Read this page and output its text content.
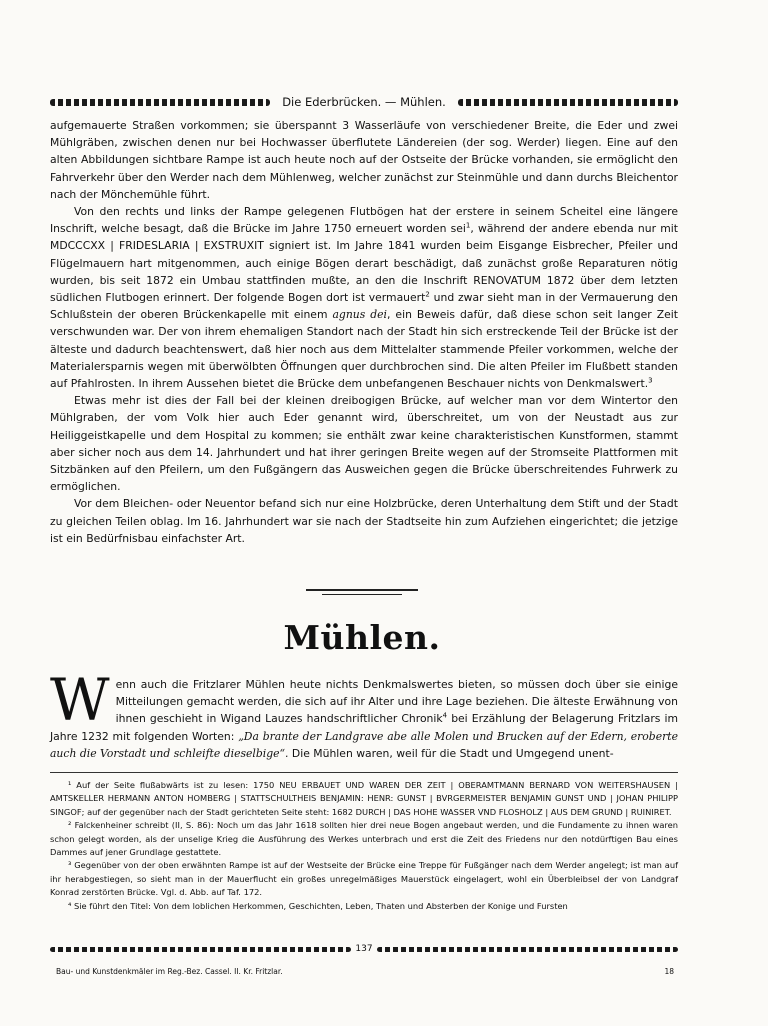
Die Ederbrücken. — Mühlen.

aufgemauerte Straßen vorkommen; sie überspannt 3 Wasserläufe von verschiedener Breite, die Eder und zwei Mühlgräben, zwischen denen nur bei Hochwasser überflutete Ländereien (der sog. Werder) liegen. Eine auf den alten Abbildungen sichtbare Rampe ist auch heute noch auf der Ostseite der Brücke vorhanden, sie ermöglicht den Fahrverkehr über den Werder nach dem Mühlenweg, welcher zunächst zur Steinmühle und dann durchs Bleichentor nach der Mönchemühle führt.

Von den rechts und links der Rampe gelegenen Flutbögen hat der erstere in seinem Scheitel eine längere Inschrift, welche besagt, daß die Brücke im Jahre 1750 erneuert worden sei$^1$, während der andere ebenda nur mit MDCCCXX | FRIDESLARIA | EXSTRUXIT signiert ist. Im Jahre 1841 wurden beim Eisgange Eisbrecher, Pfeiler und Flügelmauern hart mitgenommen, auch einige Bögen derart beschädigt, daß zunächst große Reparaturen nötig wurden, bis seit 1872 ein Umbau stattfinden mußte, an den die Inschrift RENOVATUM 1872 über dem letzten südlichen Flutbogen erinnert. Der folgende Bogen dort ist vermauert$^2$ und zwar sieht man in der Vermauerung den Schlußstein der oberen Brückenkapelle mit einem agnus dei, ein Beweis dafür, daß diese schon seit langer Zeit verschwunden war. Der von ihrem ehemaligen Standort nach der Stadt hin sich erstreckende Teil der Brücke ist der älteste und dadurch beachtenswert, daß hier noch aus dem Mittelalter stammende Pfeiler vorkommen, welche der Materialersparnis wegen mit überwölbten Öffnungen quer durchbrochen sind. Die alten Pfeiler im Flußbett standen auf Pfahlrosten. In ihrem Aussehen bietet die Brücke dem unbefangenen Beschauer nichts von Denkmalswert.$^3$

Etwas mehr ist dies der Fall bei der kleinen dreibogigen Brücke, auf welcher man vor dem Wintertor den Mühlgraben, der vom Volk hier auch Eder genannt wird, überschreitet, um von der Neustadt aus zur Heiliggeistkapelle und dem Hospital zu kommen; sie enthält zwar keine charakteristischen Kunstformen, stammt aber sicher noch aus dem 14. Jahrhundert und hat ihrer geringen Breite wegen auf der Stromseite Plattformen mit Sitzbänken auf den Pfeilern, um den Fußgängern das Ausweichen gegen die Brücke überschreitendes Fuhrwerk zu ermöglichen.

Vor dem Bleichen- oder Neuentor befand sich nur eine Holzbrücke, deren Unterhaltung dem Stift und der Stadt zu gleichen Teilen oblag. Im 16. Jahrhundert war sie nach der Stadtseite hin zum Aufziehen eingerichtet; die jetzige ist ein Bedürfnisbau einfachster Art.

Mühlen.

Wenn auch die Fritzlarer Mühlen heute nichts Denkmalswertes bieten, so müssen doch über sie einige Mitteilungen gemacht werden, die sich auf ihr Alter und ihre Lage beziehen. Die älteste Erwähnung von ihnen geschieht in Wigand Lauzes handschriftlicher Chronik$^4$ bei Erzählung der Belagerung Fritzlars im Jahre 1232 mit folgenden Worten: „Da brante der Landgrave abe alle Molen und Brucken auf der Edern, eroberte auch die Vorstadt und schleifte dieselbige“. Die Mühlen waren, weil für die Stadt und Umgegend unent-

¹ Auf der Seite flußabwärts ist zu lesen: 1750 NEU ERBAUET UND WAREN DER ZEIT | OBERAMTMANN BERNARD VON WEITERSHAUSEN | AMTSKELLER HERMANN ANTON HOMBERG | STATTSCHULTHEIS BENJAMIN: HENR: GUNST | BVRGERMEISTER BENJAMIN GUNST UND | JOHAN PHILIPP SINGOF; auf der gegenüber nach der Stadt gerichteten Seite steht: 1682 DURCH | DAS HOHE WASSER VND FLOSHOLZ | AUS DEM GRUND | RUINIRET.

² Falckenheiner schreibt (II, S. 86): Noch um das Jahr 1618 sollten hier drei neue Bogen angebaut werden, und die Fundamente zu ihnen waren schon gelegt worden, als der unselige Krieg die Ausführung des Werkes unterbrach und erst die Zeit des Friedens nur den notdürftigen Bau eines Dammes auf jener Grundlage gestattete.

³ Gegenüber von der oben erwähnten Rampe ist auf der Westseite der Brücke eine Treppe für Fußgänger nach dem Werder angelegt; ist man auf ihr herabgestiegen, so sieht man in der Mauerflucht ein großes unregelmäßiges Mauerstück eingelagert, wohl ein Überbleibsel der von Landgraf Konrad zerstörten Brücke. Vgl. d. Abb. auf Taf. 172.

⁴ Sie führt den Titel: Von dem loblichen Herkommen, Geschichten, Leben, Thaten und Absterben der Konige und Fursten

137
Bau- und Kunstdenkmäler im Reg.-Bez. Cassel. II. Kr. Fritzlar.	18
